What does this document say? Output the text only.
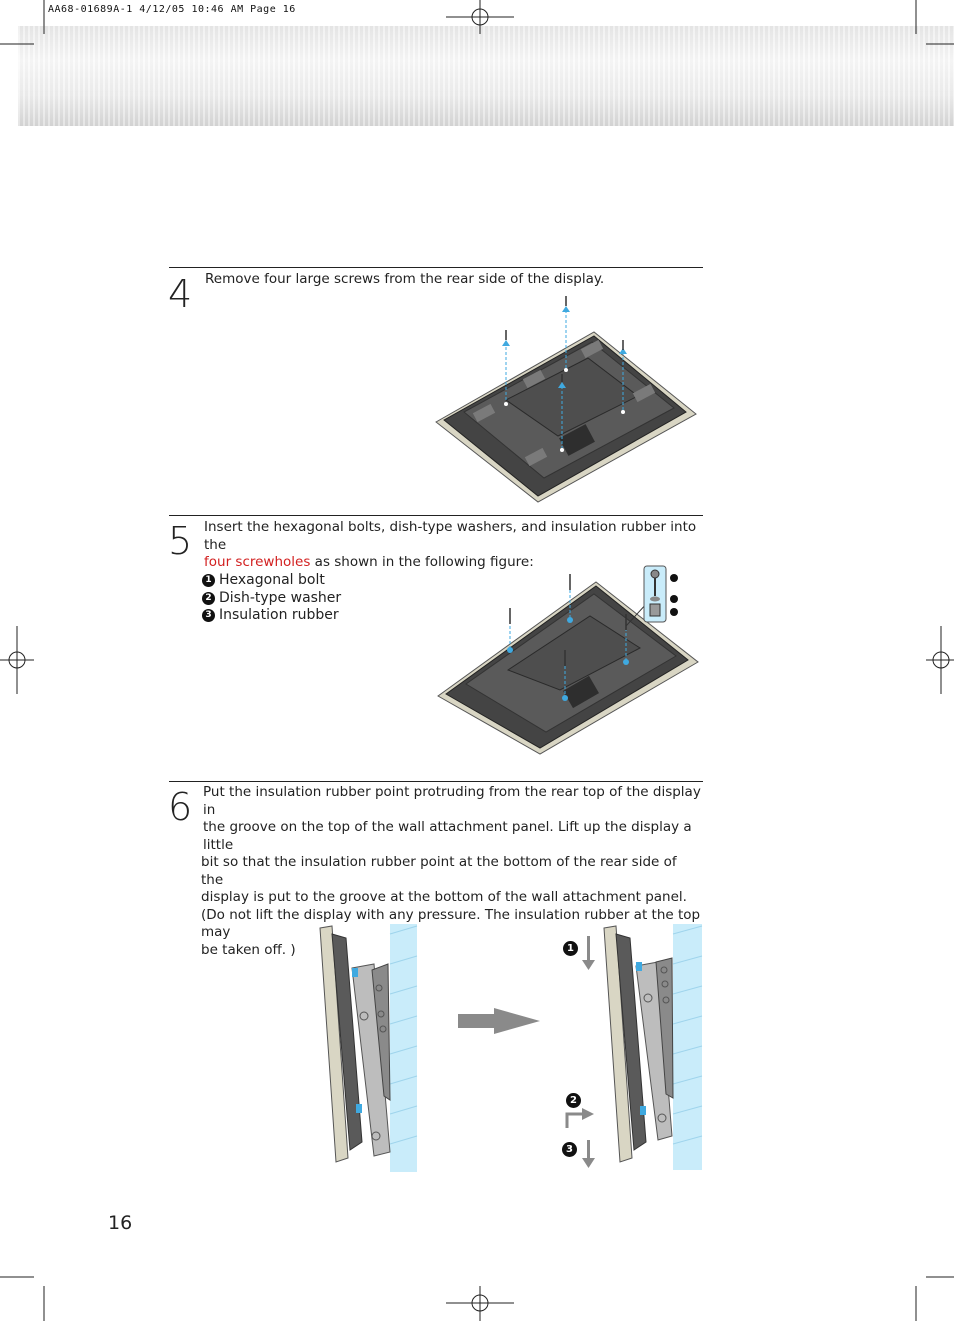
AA68-01689A-1 4/12/05 10:46 AM Page 16
4 Remove four large screws from the rear side of the display.
5 Insert the hexagonal bolts, dish-type washers, and insulation rubber into the
four screwholes as shown in the following figure:
1 Hexagonal bolt
2 Dish-type washer
3 Insulation rubber
6 Put the insulation rubber point protruding from the rear top of the display in
the groove on the top of the wall attachment panel. Lift up the display a little
bit so that the insulation rubber point at the bottom of the rear side of the
display is put to the groove at the bottom of the wall attachment panel.
(Do not lift the display with any pressure. The insulation rubber at the top may
be taken off. )	1
2
3
16
